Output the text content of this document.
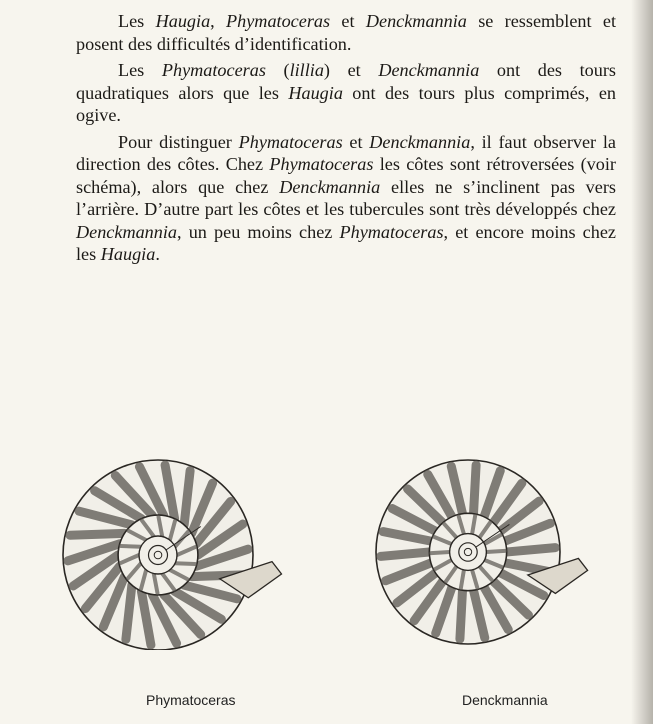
Les Haugia, Phymatoceras et Denckmannia se ressemblent et posent des difficultés d’identification.

Les Phymatoceras (lillia) et Denckmannia ont des tours quadratiques alors que les Haugia ont des tours plus comprimés, en ogive.

Pour distinguer Phymatoceras et Denckmannia, il faut observer la direction des côtes. Chez Phymatoceras les côtes sont rétroversées (voir schéma), alors que chez Denckmannia elles ne s’inclinent pas vers l’arrière. D’autre part les côtes et les tubercules sont très développés chez Denckmannia, un peu moins chez Phymatoceras, et encore moins chez les Haugia.

Phymatoceras	Denckmannia
